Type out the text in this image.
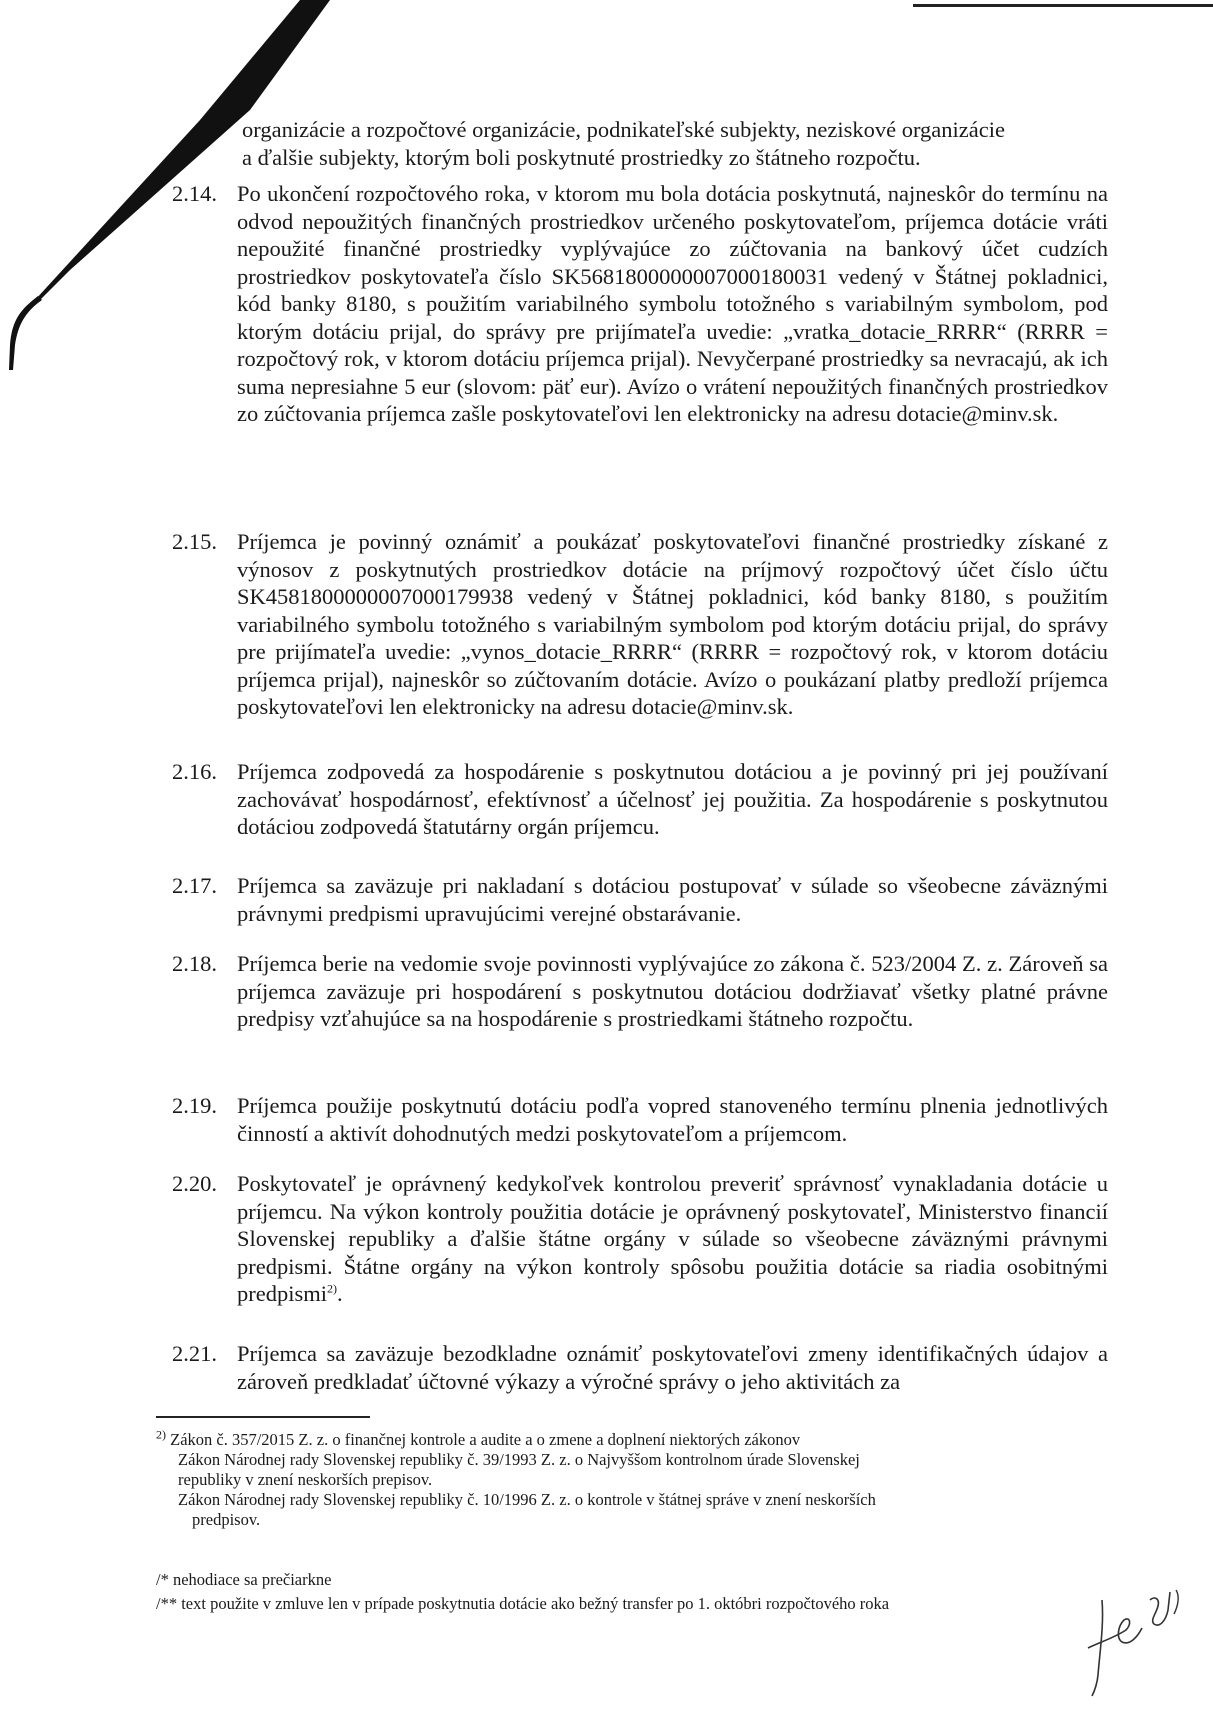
organizácie a rozpočtové organizácie, podnikateľské subjekty, neziskové organizácie
a ďalšie subjekty, ktorým boli poskytnuté prostriedky zo štátneho rozpočtu.
2.14. Po ukončení rozpočtového roka, v ktorom mu bola dotácia poskytnutá, najneskôr do termínu na odvod nepoužitých finančných prostriedkov určeného poskytovateľom, príjemca dotácie vráti nepoužité finančné prostriedky vyplývajúce zo zúčtovania na bankový účet cudzích prostriedkov poskytovateľa číslo SK5681800000007000180031 vedený v Štátnej pokladnici, kód banky 8180, s použitím variabilného symbolu totožného s variabilným symbolom, pod ktorým dotáciu prijal, do správy pre prijímateľa uvedie: „vratka_dotacie_RRRR“ (RRRR = rozpočtový rok, v ktorom dotáciu príjemca prijal). Nevyčerpané prostriedky sa nevracajú, ak ich suma nepresiahne 5 eur (slovom: päť eur). Avízo o vrátení nepoužitých finančných prostriedkov zo zúčtovania príjemca zašle poskytovateľovi len elektronicky na adresu dotacie@minv.sk.
2.15. Príjemca je povinný oznámiť a poukázať poskytovateľovi finančné prostriedky získané z výnosov z poskytnutých prostriedkov dotácie na príjmový rozpočtový účet číslo účtu SK4581800000007000179938 vedený v Štátnej pokladnici, kód banky 8180, s použitím variabilného symbolu totožného s variabilným symbolom pod ktorým dotáciu prijal, do správy pre prijímateľa uvedie: „vynos_dotacie_RRRR“ (RRRR = rozpočtový rok, v ktorom dotáciu príjemca prijal), najneskôr so zúčtovaním dotácie. Avízo o poukázaní platby predloží príjemca poskytovateľovi len elektronicky na adresu dotacie@minv.sk.
2.16. Príjemca zodpovedá za hospodárenie s poskytnutou dotáciou a je povinný pri jej používaní zachovávať hospodárnosť, efektívnosť a účelnosť jej použitia. Za hospodárenie s poskytnutou dotáciou zodpovedá štatutárny orgán príjemcu.
2.17. Príjemca sa zaväzuje pri nakladaní s dotáciou postupovať v súlade so všeobecne záväznými právnymi predpismi upravujúcimi verejné obstarávanie.
2.18. Príjemca berie na vedomie svoje povinnosti vyplývajúce zo zákona č. 523/2004 Z. z. Zároveň sa príjemca zaväzuje pri hospodárení s poskytnutou dotáciou dodržiavať všetky platné právne predpisy vzťahujúce sa na hospodárenie s prostriedkami štátneho rozpočtu.
2.19. Príjemca použije poskytnutú dotáciu podľa vopred stanoveného termínu plnenia jednotlivých činností a aktivít dohodnutých medzi poskytovateľom a príjemcom.
2.20. Poskytovateľ je oprávnený kedykoľvek kontrolou preveriť správnosť vynakladania dotácie u príjemcu. Na výkon kontroly použitia dotácie je oprávnený poskytovateľ, Ministerstvo financií Slovenskej republiky a ďalšie štátne orgány v súlade so všeobecne záväznými právnymi predpismi. Štátne orgány na výkon kontroly spôsobu použitia dotácie sa riadia osobitnými predpismi$^{2)}$.
2.21. Príjemca sa zaväzuje bezodkladne oznámiť poskytovateľovi zmeny identifikačných údajov a zároveň predkladať účtovné výkazy a výročné správy o jeho aktivitách za
$^{2)}$ Zákon č. 357/2015 Z. z. o finančnej kontrole a audite a o zmene a doplnení niektorých zákonov
Zákon Národnej rady Slovenskej republiky č. 39/1993 Z. z. o Najvyššom kontrolnom úrade Slovenskej
republiky v znení neskorších prepisov.
Zákon Národnej rady Slovenskej republiky č. 10/1996 Z. z. o kontrole v štátnej správe v znení neskorších
predpisov.
/* nehodiace sa prečiarkne
/** text použite v zmluve len v prípade poskytnutia dotácie ako bežný transfer po 1. októbri rozpočtového roka
